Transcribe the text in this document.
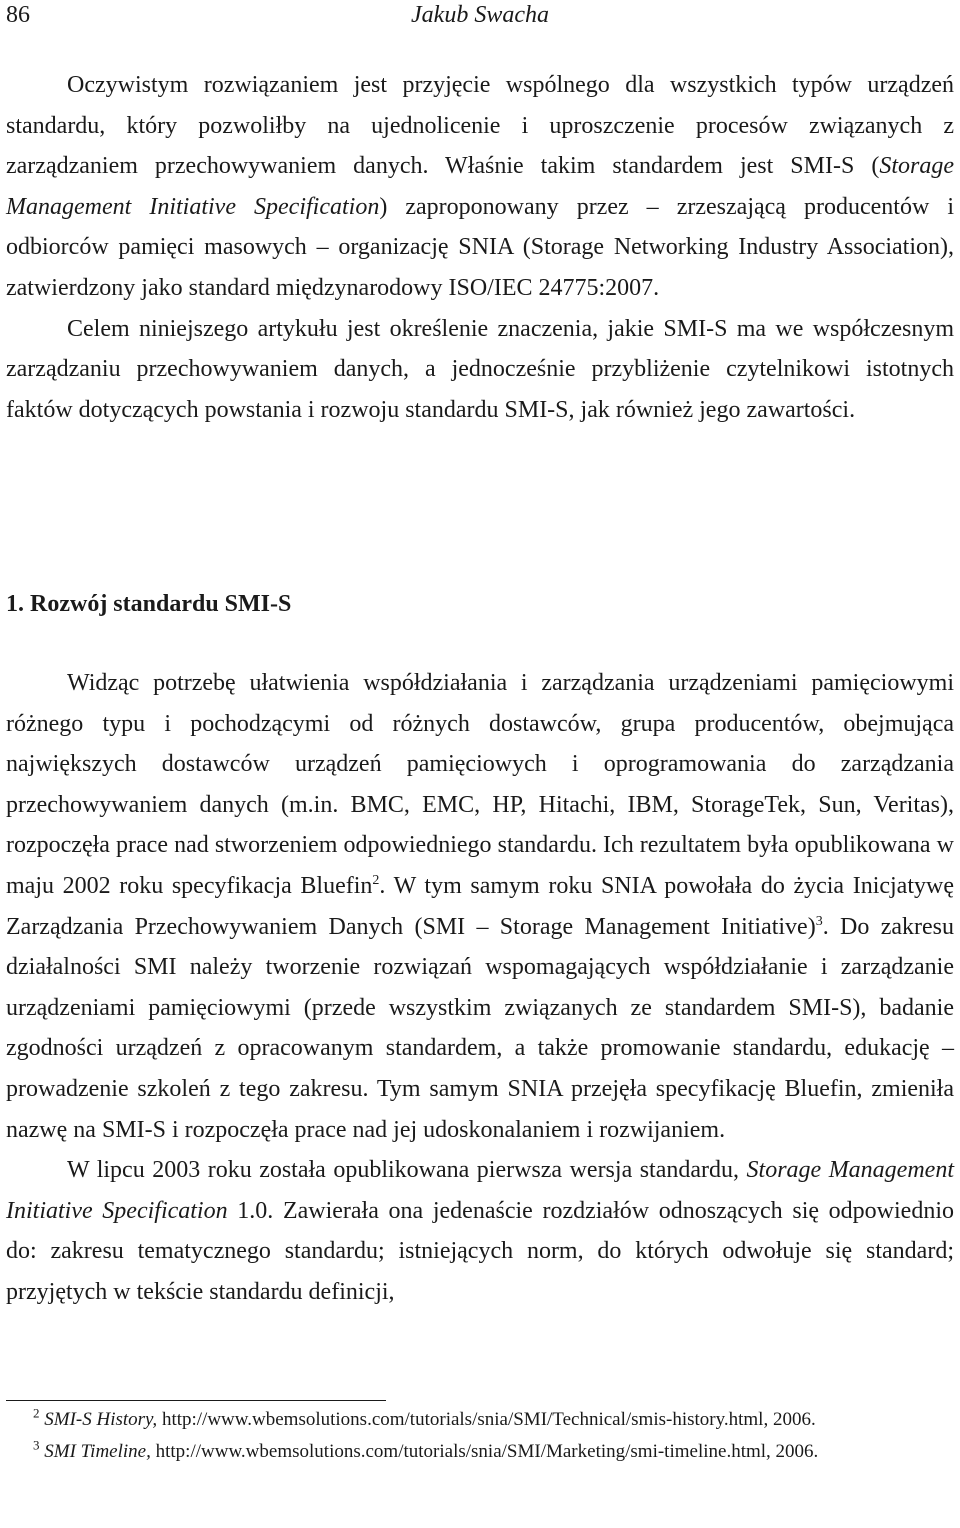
86	Jakub Swacha

Oczywistym rozwiązaniem jest przyjęcie wspólnego dla wszystkich typów urządzeń standardu, który pozwoliłby na ujednolicenie i uproszczenie procesów związanych z zarządzaniem przechowywaniem danych. Właśnie takim standardem jest SMI-S (Storage Management Initiative Specification) zaproponowany przez – zrzeszającą producentów i odbiorców pamięci masowych – organizację SNIA (Storage Networking Industry Association), zatwierdzony jako standard międzynarodowy ISO/IEC 24775:2007.

Celem niniejszego artykułu jest określenie znaczenia, jakie SMI-S ma we współczesnym zarządzaniu przechowywaniem danych, a jednocześnie przybliżenie czytelnikowi istotnych faktów dotyczących powstania i rozwoju standardu SMI-S, jak również jego zawartości.

1. Rozwój standardu SMI-S

Widząc potrzebę ułatwienia współdziałania i zarządzania urządzeniami pamięciowymi różnego typu i pochodzącymi od różnych dostawców, grupa producentów, obejmująca największych dostawców urządzeń pamięciowych i oprogramowania do zarządzania przechowywaniem danych (m.in. BMC, EMC, HP, Hitachi, IBM, StorageTek, Sun, Veritas), rozpoczęła prace nad stworzeniem odpowiedniego standardu. Ich rezultatem była opublikowana w maju 2002 roku specyfikacja Bluefin$^2$. W tym samym roku SNIA powołała do życia Inicjatywę Zarządzania Przechowywaniem Danych (SMI – Storage Management Initiative)$^3$. Do zakresu działalności SMI należy tworzenie rozwiązań wspomagających współdziałanie i zarządzanie urządzeniami pamięciowymi (przede wszystkim związanych ze standardem SMI-S), badanie zgodności urządzeń z opracowanym standardem, a także promowanie standardu, edukację – prowadzenie szkoleń z tego zakresu. Tym samym SNIA przejęła specyfikację Bluefin, zmieniła nazwę na SMI-S i rozpoczęła prace nad jej udoskonalaniem i rozwijaniem.

W lipcu 2003 roku została opublikowana pierwsza wersja standardu, Storage Management Initiative Specification 1.0. Zawierała ona jedenaście rozdziałów odnoszących się odpowiednio do: zakresu tematycznego standardu; istniejących norm, do których odwołuje się standard; przyjętych w tekście standardu definicji,

$^2$ SMI-S History, http://www.wbemsolutions.com/tutorials/snia/SMI/Technical/smis-history.html, 2006.

$^3$ SMI Timeline, http://www.wbemsolutions.com/tutorials/snia/SMI/Marketing/smi-timeline.html, 2006.
